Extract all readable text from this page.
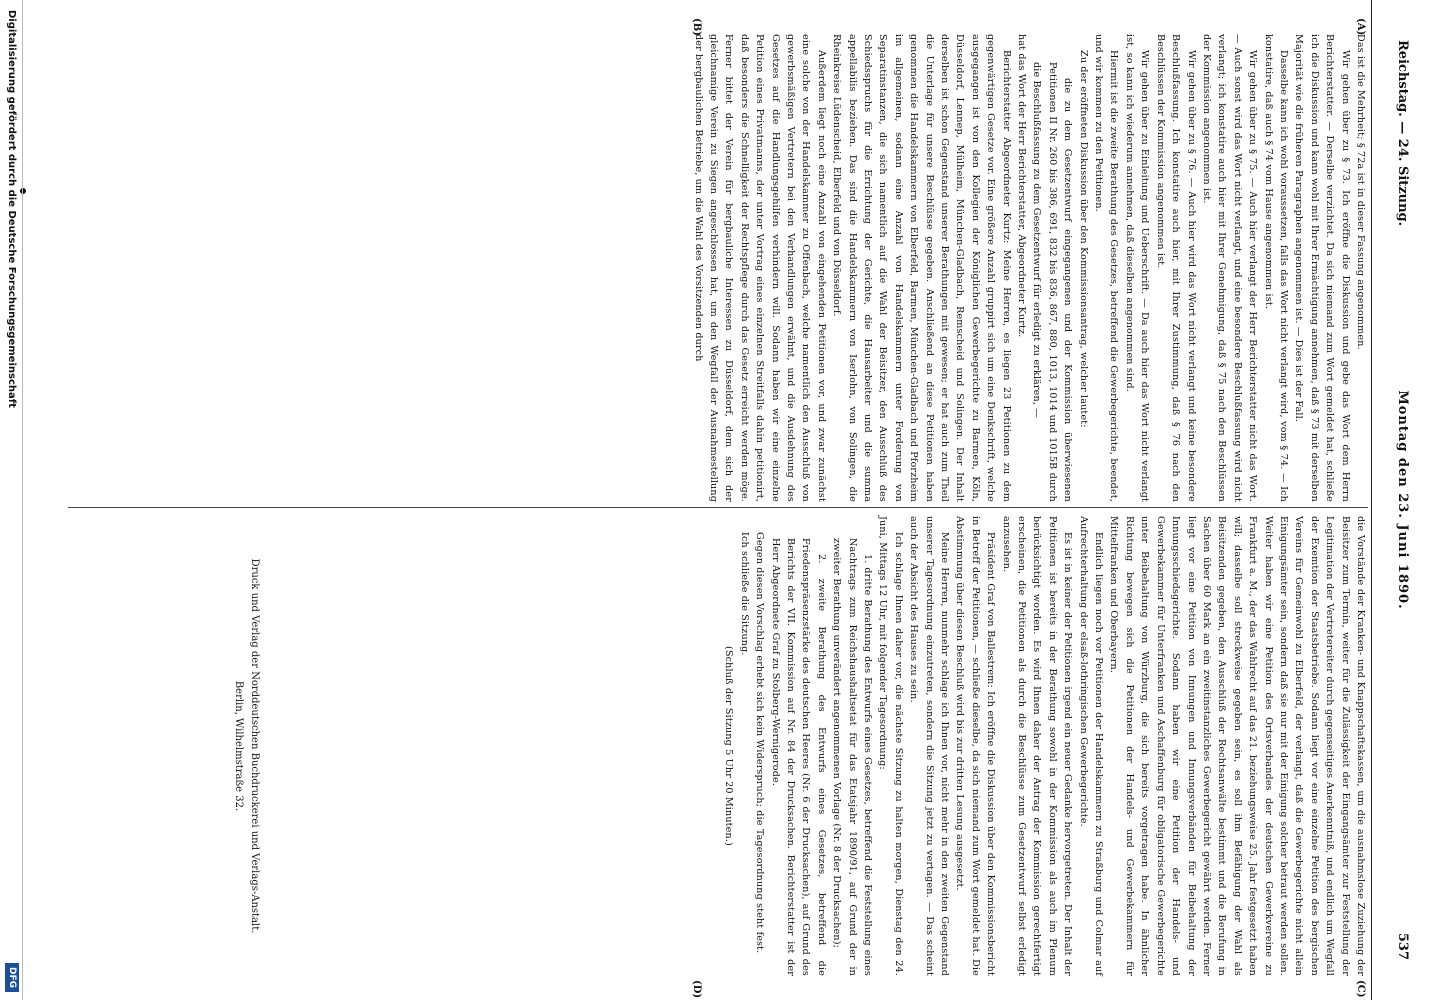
Reichstag. — 24. Sitzung.
Montag den 23. Juni 1890.
537
(A)
(B)
(C)
(D)

Das ist die Mehrheit; § 72a ist in dieser Fassung angenommen.

Wir gehen über zu § 73. Ich eröffne die Diskussion und gebe das Wort dem Herrn Berichterstatter. — Derselbe verzichtet. Da sich niemand zum Wort gemeldet hat, schließe ich die Diskussion und kann wohl mit Ihrer Ermächtigung annehmen, daß § 73 mit derselben Majorität wie die früheren Paragraphen angenommen ist. — Dies ist der Fall.

Dasselbe kann ich wohl voraussetzen, falls das Wort nicht verlangt wird, vom § 74. — Ich konstatire, daß auch § 74 vom Hause angenommen ist.

Wir gehen über zu § 75. — Auch hier verlangt der Herr Berichterstatter nicht das Wort. — Auch sonst wird das Wort nicht verlangt, und eine besondere Beschlußfassung wird nicht verlangt; ich konstatire auch hier mit Ihrer Genehmigung, daß § 75 nach den Beschlüssen der Kommission angenommen ist.

Wir gehen über zu § 76. — Auch hier wird das Wort nicht verlangt und keine besondere Beschlußfassung. Ich konstatire auch hier, mit Ihrer Zustimmung, daß § 76 nach den Beschlüssen der Kommission angenommen ist.

Wir gehen über zu Einleitung und Ueberschrift. — Da auch hier das Wort nicht verlangt ist, so kann ich wiederum annehmen, daß dieselben angenommen sind.

Hiermit ist die zweite Berathung des Gesetzes, betreffend die Gewerbegerichte, beendet, und wir kommen zu den Petitionen.

Zu der eröffneten Diskussion über den Kommissionsantrag, welcher lautet:

die zu dem Gesetzentwurf eingegangenen und der Kommission überwiesenen Petitionen II Nr. 260 bis 386, 691, 832 bis 836, 867, 880, 1013, 1014 und 1015B durch die Beschlußfassung zu dem Gesetzentwurf für erledigt zu erklären, —

hat das Wort der Herr Berichterstatter, Abgeordneter Kurtz.

Berichterstatter Abgeordneter Kurtz: Meine Herren, es liegen 23 Petitionen zu dem gegenwärtigen Gesetze vor. Eine größere Anzahl gruppirt sich um eine Denkschrift, welche ausgegangen ist von den Kollegien der Königlichen Gewerbegerichte zu Barmen, Köln, Düsseldorf, Lennep, Mülheim, München-Gladbach, Remscheid und Solingen. Der Inhalt derselben ist schon Gegenstand unserer Berathungen mit gewesen; er hat auch zum Theil die Unterlage für unsere Beschlüsse gegeben. Anschließend an diese Petitionen haben genommen die Handelskammern von Elberfeld, Barmen, München-Gladbach und Pforzheim im allgemeinen, sodann eine Anzahl von Handelskammern unter Forderung von Separatinstanzen, die sich namentlich auf die Wahl der Beisitzer, den Ausschluß des Schiedsspruchs für die Errichtung der Gerichte, die Hausarbeiter und die summa appellabilis beziehen. Das sind die Handelskammern von Iserlohn, von Solingen, die Rheinkreise Lüdenscheid, Elberfeld und von Düsseldorf.

Außerdem liegt noch eine Anzahl von eingehenden Petitionen vor, und zwar zunächst eine solche von der Handelskammer zu Offenbach, welche namentlich den Ausschluß von gewerbsmäßigen Vertretern bei den Verhandlungen erwähnt, und die Ausdehnung des Gesetzes auf die Handlungsgehilfen verhindern will. Sodann haben wir eine einzelne Petition eines Privatmanns, der unter Vortrag eines einzelnen Streitfalls dahin petitionirt, daß besonders die Schnelligkeit der Rechtspflege durch das Gesetz erreicht werden möge. Ferner bittet der Verein für bergbauliche Interessen zu Düsseldorf, dem sich der gleichnamige Verein zu Siegen angeschlossen hat, um den Wegfall der Ausnahmestellung der bergbaulichen Betriebe, um die Wahl des Vorsitzenden durch

die Vorstände der Kranken- und Knappschaftskassen, um die ausnahmslose Zuziehung der Beisitzer zum Termin, weiter für die Zulässigkeit der Eingangsämter zur Feststellung der Legitimation der Vertretereiter durch gegenseitiges Anerkenntniß, und endlich um Wegfall der Exemtion der Staatsbetriebe. Sodann liegt vor eine einzelne Petition des bergischen Vereins für Gemeinwohl zu Elberfeld, der verlangt, daß die Gewerbegerichte nicht allein Einigungsämter sein, sondern daß sie nur mit der Einigung solcher betraut werden sollen. Weiter haben wir eine Petition des Ortsverbandes der deutschen Gewerkvereine zu Frankfurt a. M., der das Wahlrecht auf das 21. beziehungsweise 25. Jahr festgesetzt haben will; dasselbe soll streckweise gegeben sein, es soll ihm Befähigung der Wahl als Beisitzenden gegeben, den Ausschluß der Rechtsanwälte bestimmt und die Berufung in Sachen über 60 Mark an ein zweitinstanzliches Gewerbegericht gewährt werden. Ferner liegt vor eine Petition von Innungen und Innungsverbänden für Beibehaltung der Innungsschiedsgerichte. Sodann haben wir eine Petition der Handels- und Gewerbekammer für Unterfranken und Aschaffenburg für obligatorische Gewerbegerichte unter Beibehaltung von Würzburg, die sich bereits vorgetragen habe. In ähnlicher Richtung bewegen sich die Petitionen der Handels- und Gewerbekammern für Mittelfranken und Oberbayern.

Endlich liegen noch vor Petitionen der Handelskammern zu Straßburg und Colmar auf Aufrechterhaltung der elsaß-lothringischen Gewerbegerichte.

Es ist in keiner der Petitionen irgend ein neuer Gedanke hervorgetreten. Der Inhalt der Petitionen ist bereits in der Berathung sowohl in der Kommission als auch im Plenum berücksichtigt worden. Es wird Ihnen daher der Antrag der Kommission gerechtfertigt erscheinen, die Petitionen als durch die Beschlüsse zum Gesetzentwurf selbst erledigt anzusehen.

Präsident Graf von Ballestrem: Ich eröffne die Diskussion über den Kommissionsbericht in Betreff der Petitionen, — schließe dieselbe, da sich niemand zum Wort gemeldet hat. Die Abstimmung über diesen Beschluß wird bis zur dritten Lesung ausgesetzt.

Meine Herren, nunmehr schlage ich Ihnen vor, nicht mehr in den zweiten Gegenstand unserer Tagesordnung einzutreten, sondern die Sitzung jetzt zu vertagen. — Das scheint auch der Absicht des Hauses zu sein.

Ich schlage Ihnen daher vor, die nächste Sitzung zu halten morgen, Dienstag den 24. Juni, Mittags 12 Uhr, mit folgender Tagesordnung:

1. dritte Berathung des Entwurfs eines Gesetzes, betreffend die Feststellung eines Nachtrags zum Reichshaushaltsetat für das Etatsjahr 1890/91, auf Grund der in zweiter Berathung unverändert angenommenen Vorlage (Nr. 8 der Drucksachen);

2. zweite Berathung des Entwurfs eines Gesetzes, betreffend die Friedenspräsenzstärke des deutschen Heeres (Nr. 6 der Drucksachen), auf Grund des Berichts der VII. Kommission auf Nr. 84 der Drucksachen. Berichterstatter ist der Herr Abgeordnete Graf zu Stolberg-Wernigerode.

Gegen diesen Vorschlag erhebt sich kein Widerspruch; die Tagesordnung steht fest.

Ich schließe die Sitzung.

(Schluß der Sitzung 5 Uhr 20 Minuten.)

Druck und Verlag der Norddeutschen Buchdruckerei und Verlags-Anstalt.
Berlin, Wilhelmstraße 32.
Digitalisierung gefördert durch die Deutsche Forschungsgemeinschaft
DFG
